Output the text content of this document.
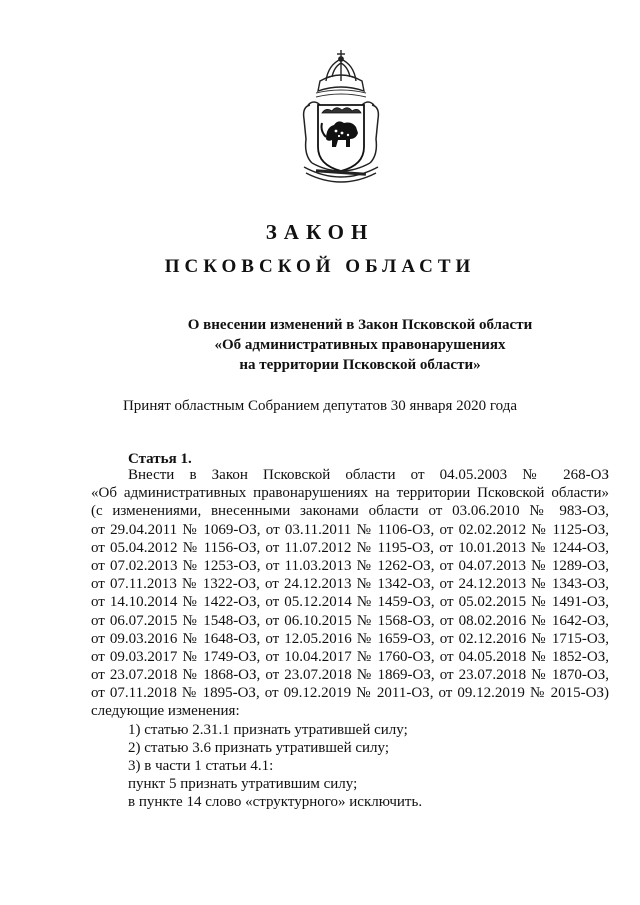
ЗАКОН
ПСКОВСКОЙ ОБЛАСТИ
О внесении изменений в Закон Псковской области
«Об административных правонарушениях
на территории Псковской области»
Принят областным Собранием депутатов 30 января 2020 года
Статья 1.
Внести в Закон Псковской области от 04.05.2003 № 268-ОЗ
«Об административных правонарушениях на территории Псковской области»
(с изменениями, внесенными законами области от 03.06.2010 № 983-ОЗ,
от 29.04.2011 № 1069-ОЗ, от 03.11.2011 № 1106-ОЗ, от 02.02.2012 № 1125-ОЗ,
от 05.04.2012 № 1156-ОЗ, от 11.07.2012 № 1195-ОЗ, от 10.01.2013 № 1244-ОЗ,
от 07.02.2013 № 1253-ОЗ, от 11.03.2013 № 1262-ОЗ, от 04.07.2013 № 1289-ОЗ,
от 07.11.2013 № 1322-ОЗ, от 24.12.2013 № 1342-ОЗ, от 24.12.2013 № 1343-ОЗ,
от 14.10.2014 № 1422-ОЗ, от 05.12.2014 № 1459-ОЗ, от 05.02.2015 № 1491-ОЗ,
от 06.07.2015 № 1548-ОЗ, от 06.10.2015 № 1568-ОЗ, от 08.02.2016 № 1642-ОЗ,
от 09.03.2016 № 1648-ОЗ, от 12.05.2016 № 1659-ОЗ, от 02.12.2016 № 1715-ОЗ,
от 09.03.2017 № 1749-ОЗ, от 10.04.2017 № 1760-ОЗ, от 04.05.2018 № 1852-ОЗ,
от 23.07.2018 № 1868-ОЗ, от 23.07.2018 № 1869-ОЗ, от 23.07.2018 № 1870-ОЗ,
от 07.11.2018 № 1895-ОЗ, от 09.12.2019 № 2011-ОЗ, от 09.12.2019 № 2015-ОЗ)
следующие изменения:
1) статью 2.31.1 признать утратившей силу;
2) статью 3.6 признать утратившей силу;
3) в части 1 статьи 4.1:
пункт 5 признать утратившим силу;
в пункте 14 слово «структурного» исключить.
